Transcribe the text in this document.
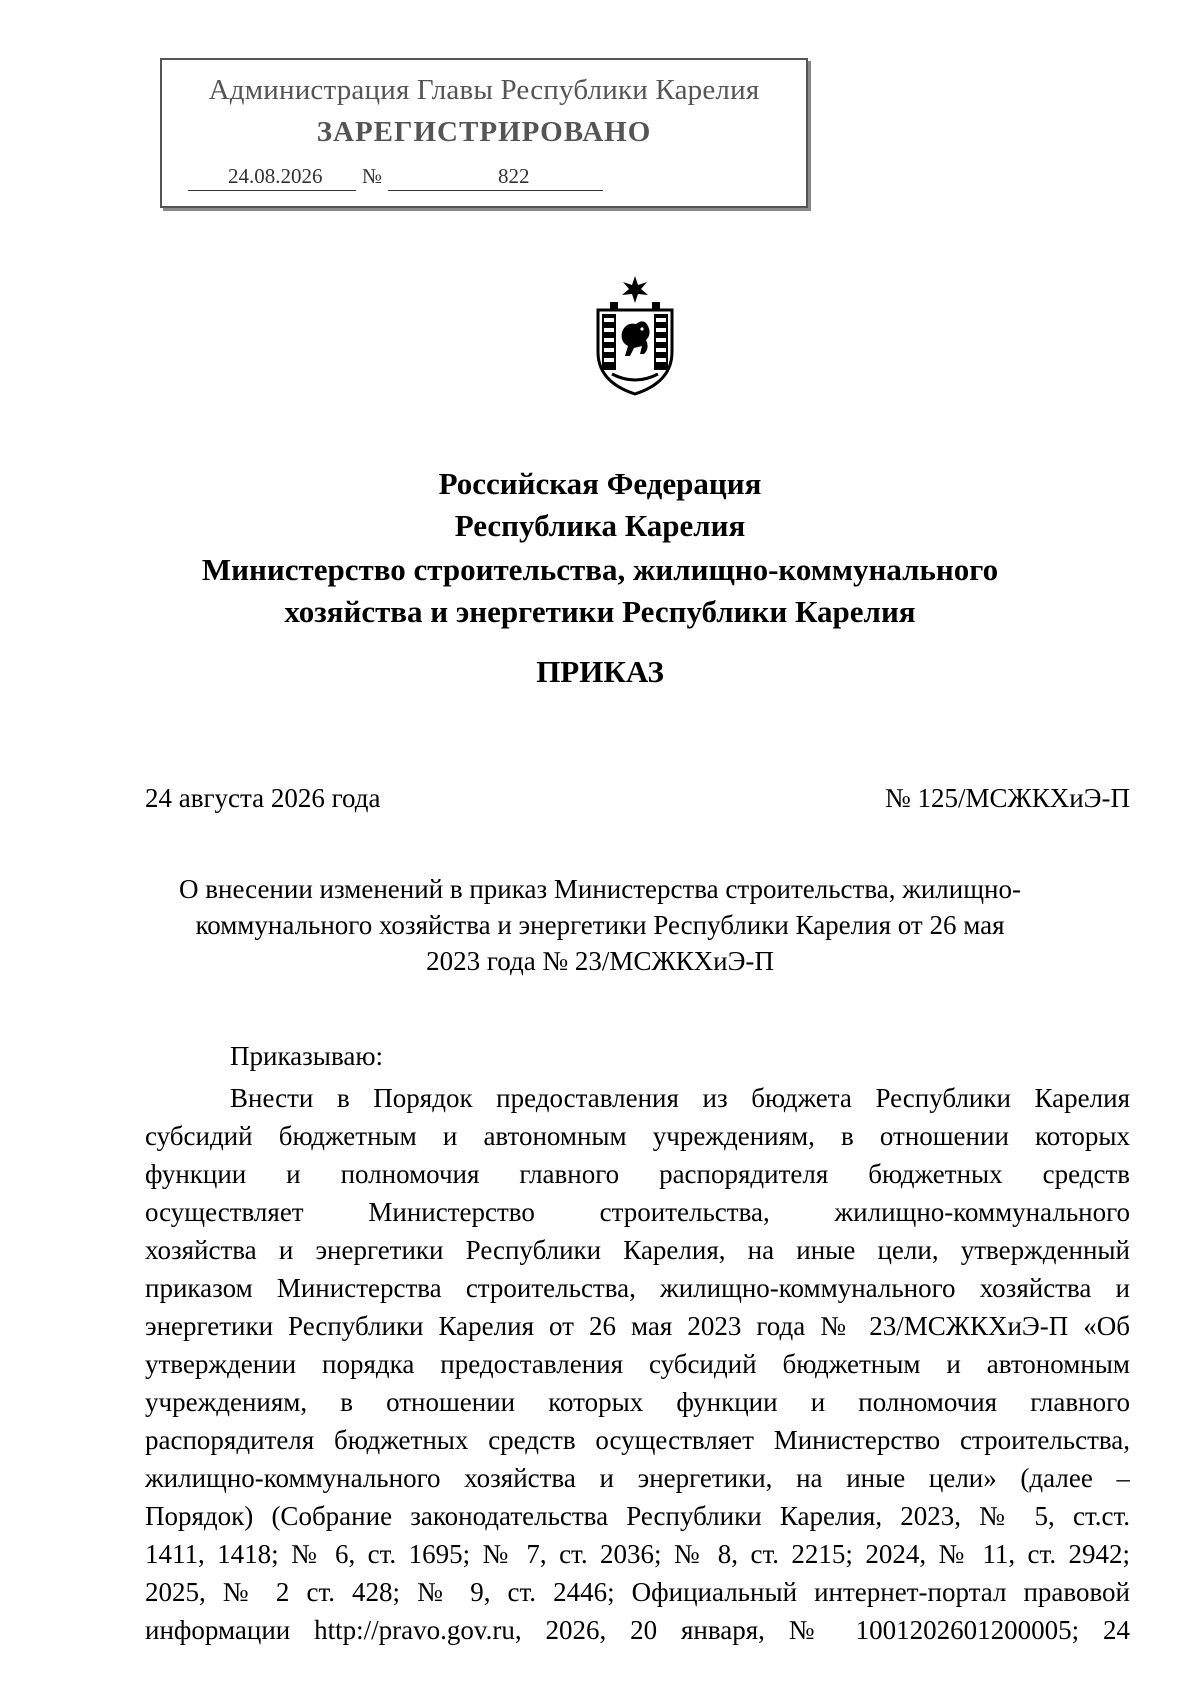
Администрация Главы Республики Карелия
ЗАРЕГИСТРИРОВАНО
24.08.2026 №	822
Российская Федерация
Республика Карелия
Министерство строительства, жилищно-коммунального
хозяйства и энергетики Республики Карелия
ПРИКАЗ
24 августа 2026 года	№ 125/МСЖКХиЭ-П
О внесении изменений в приказ Министерства строительства, жилищно-
коммунального хозяйства и энергетики Республики Карелия от 26 мая
2023 года № 23/МСЖКХиЭ-П
Приказываю:
Внести в Порядок предоставления из бюджета Республики Карелия
субсидий бюджетным и автономным учреждениям, в отношении которых
функции и полномочия главного распорядителя бюджетных средств
осуществляет Министерство строительства, жилищно-коммунального
хозяйства и энергетики Республики Карелия, на иные цели, утвержденный
приказом Министерства строительства, жилищно-коммунального хозяйства и
энергетики Республики Карелия от 26 мая 2023 года № 23/МСЖКХиЭ-П «Об
утверждении порядка предоставления субсидий бюджетным и автономным
учреждениям, в отношении которых функции и полномочия главного
распорядителя бюджетных средств осуществляет Министерство строительства,
жилищно-коммунального хозяйства и энергетики, на иные цели» (далее –
Порядок) (Собрание законодательства Республики Карелия, 2023, № 5, ст.ст.
1411, 1418; № 6, ст. 1695; № 7, ст. 2036; № 8, ст. 2215; 2024, № 11, ст. 2942;
2025, № 2 ст. 428; № 9, ст. 2446; Официальный интернет-портал правовой
информации http://pravo.gov.ru, 2026, 20 января, № 1001202601200005; 24
